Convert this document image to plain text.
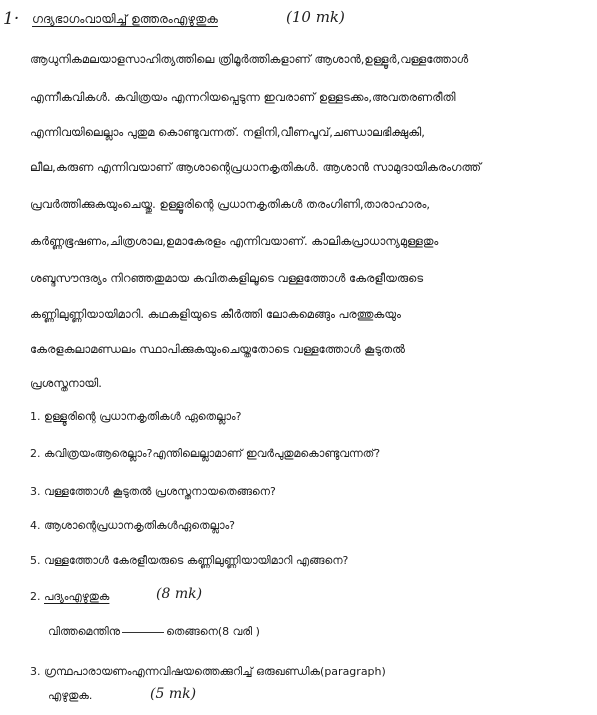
1· ഗദ്യഭാഗംവായിച്ച് ഉത്തരംഎഴുതുക	(10 mk)
ആധുനികമലയാളസാഹിത്യത്തിലെ ത്രിമൂർത്തികളാണ് ആശാൻ,ഉള്ളൂർ,വള്ളത്തോൾ
എന്നീകവികൾ. കവിത്രയം എന്നറിയപ്പെടുന്ന ഇവരാണ് ഉള്ളടക്കം,അവതരണരീതി
എന്നിവയിലെല്ലാം പുതുമ കൊണ്ടുവന്നത്. നളിനി,വീണപൂവ്,ചണ്ഡാലഭിക്ഷുകി,
ലീല,കരുണ എന്നിവയാണ് ആശാന്റെപ്രധാനകൃതികൾ. ആശാൻ സാമുദായികരംഗത്ത്
പ്രവർത്തിക്കുകയുംചെയ്തു. ഉള്ളൂരിന്റെ പ്രധാനകൃതികൾ തരംഗിണി,താരാഹാരം,
കർണ്ണഭൂഷണം,ചിത്രശാല,ഉമാകേരളം എന്നിവയാണ്. കാലികപ്രാധാന്യമുള്ളതും
ശബ്ദസൗന്ദര്യം നിറഞ്ഞതുമായ കവിതകളിലൂടെ വള്ളത്തോൾ കേരളീയരുടെ
കണ്ണിലുണ്ണിയായിമാറി. കഥകളിയുടെ കീർത്തി ലോകമെങ്ങും പരത്തുകയും
കേരളകലാമണ്ഡലം സ്ഥാപിക്കുകയുംചെയ്തതോടെ വള്ളത്തോൾ കൂടുതൽ
പ്രശസ്തനായി.
1. ഉള്ളൂരിന്റെ പ്രധാനകൃതികൾ ഏതെല്ലാം?
2. കവിത്രയംആരെല്ലാം?എന്തിലെല്ലാമാണ് ഇവർപുതുമകൊണ്ടുവന്നത്?
3. വള്ളത്തോൾ കൂടുതൽ പ്രശസ്തനായതെങ്ങനെ?
4. ആശാന്റെപ്രധാനകൃതികൾഏതെല്ലാം?
5. വള്ളത്തോൾ കേരളീയരുടെ കണ്ണിലുണ്ണിയായിമാറി എങ്ങനെ?
2. പദ്യംഎഴുതുക	(8 mk)
വിത്തമെന്തിനു	തെങ്ങനെ(8 വരി )
3. ഗ്രന്ഥപാരായണംഎന്നവിഷയത്തെക്കുറിച്ച് ഒരുഖണ്ഡിക(paragraph)
എഴുതുക.	(5 mk)
